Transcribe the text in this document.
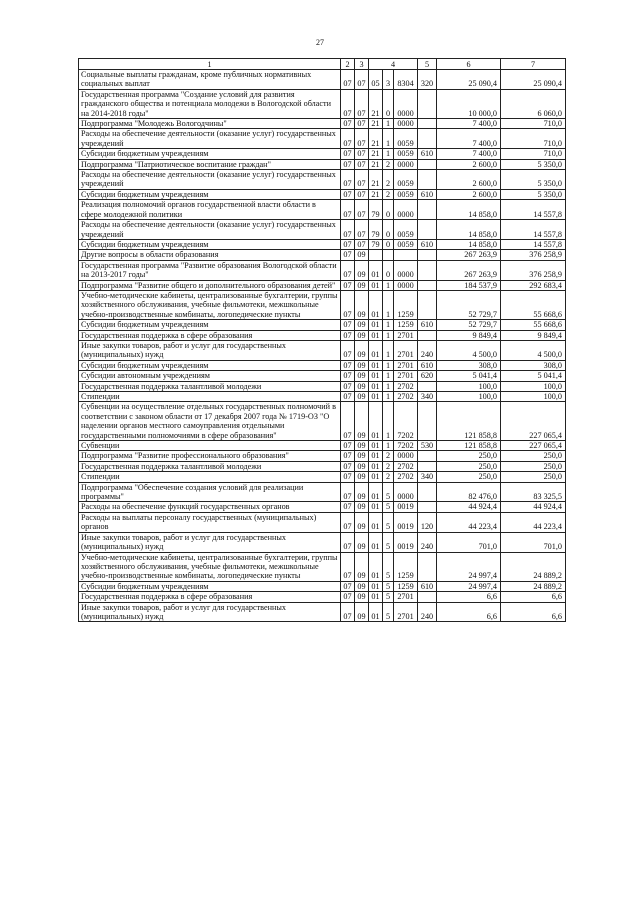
27
1	2	3	4			5	6	7
Социальные выплаты гражданам, кроме публичных нормативных социальных выплат	07	07	05	3	8304	320	25 090,4	25 090,4
Государственная программа "Создание условий для развития гражданского общества и потенциала молодежи в Вологодской области на 2014-2018 годы"	07	07	21	0	0000		10 000,0	6 060,0
Подпрограмма "Молодежь Вологодчины"	07	07	21	1	0000		7 400,0	710,0
Расходы на обеспечение деятельности (оказание услуг) государственных учреждений	07	07	21	1	0059		7 400,0	710,0
Субсидии бюджетным учреждениям	07	07	21	1	0059	610	7 400,0	710,0
Подпрограмма "Патриотическое воспитание граждан"	07	07	21	2	0000		2 600,0	5 350,0
Расходы на обеспечение деятельности (оказание услуг) государственных учреждений	07	07	21	2	0059		2 600,0	5 350,0
Субсидии бюджетным учреждениям	07	07	21	2	0059	610	2 600,0	5 350,0
Реализация полномочий органов государственной власти области в сфере молодежной политики	07	07	79	0	0000		14 858,0	14 557,8
Расходы на обеспечение деятельности (оказание услуг) государственных учреждений	07	07	79	0	0059		14 858,0	14 557,8
Субсидии бюджетным учреждениям	07	07	79	0	0059	610	14 858,0	14 557,8
Другие вопросы в области образования	07	09					267 263,9	376 258,9
Государственная программа "Развитие образования Вологодской области на 2013-2017 годы"	07	09	01	0	0000		267 263,9	376 258,9
Подпрограмма "Развитие общего и дополнительного образования детей"	07	09	01	1	0000		184 537,9	292 683,4
Учебно-методические кабинеты, централизованные бухгалтерии, группы хозяйственного обслуживания, учебные фильмотеки, межшкольные учебно-производственные комбинаты, логопедические пункты	07	09	01	1	1259		52 729,7	55 668,6
Субсидии бюджетным учреждениям	07	09	01	1	1259	610	52 729,7	55 668,6
Государственная поддержка в сфере образования	07	09	01	1	2701		9 849,4	9 849,4
Иные закупки товаров, работ и услуг для государственных (муниципальных) нужд	07	09	01	1	2701	240	4 500,0	4 500,0
Субсидии бюджетным учреждениям	07	09	01	1	2701	610	308,0	308,0
Субсидии автономным учреждениям	07	09	01	1	2701	620	5 041,4	5 041,4
Государственная поддержка талантливой молодежи	07	09	01	1	2702		100,0	100,0
Стипендии	07	09	01	1	2702	340	100,0	100,0
Субвенции на осуществление отдельных государственных полномочий в соответствии с законом области от 17 декабря 2007 года № 1719-ОЗ "О наделении органов местного самоуправления отдельными государственными полномочиями в сфере образования"	07	09	01	1	7202		121 858,8	227 065,4
Субвенции	07	09	01	1	7202	530	121 858,8	227 065,4
Подпрограмма "Развитие профессионального образования"	07	09	01	2	0000		250,0	250,0
Государственная поддержка талантливой молодежи	07	09	01	2	2702		250,0	250,0
Стипендии	07	09	01	2	2702	340	250,0	250,0
Подпрограмма "Обеспечение создания условий для реализации программы"	07	09	01	5	0000		82 476,0	83 325,5
Расходы на обеспечение функций государственных органов	07	09	01	5	0019		44 924,4	44 924,4
Расходы на выплаты персоналу государственных (муниципальных) органов	07	09	01	5	0019	120	44 223,4	44 223,4
Иные закупки товаров, работ и услуг для государственных (муниципальных) нужд	07	09	01	5	0019	240	701,0	701,0
Учебно-методические кабинеты, централизованные бухгалтерии, группы хозяйственного обслуживания, учебные фильмотеки, межшкольные учебно-производственные комбинаты, логопедические пункты	07	09	01	5	1259		24 997,4	24 889,2
Субсидии бюджетным учреждениям	07	09	01	5	1259	610	24 997,4	24 889,2
Государственная поддержка в сфере образования	07	09	01	5	2701		6,6	6,6
Иные закупки товаров, работ и услуг для государственных (муниципальных) нужд	07	09	01	5	2701	240	6,6	6,6
